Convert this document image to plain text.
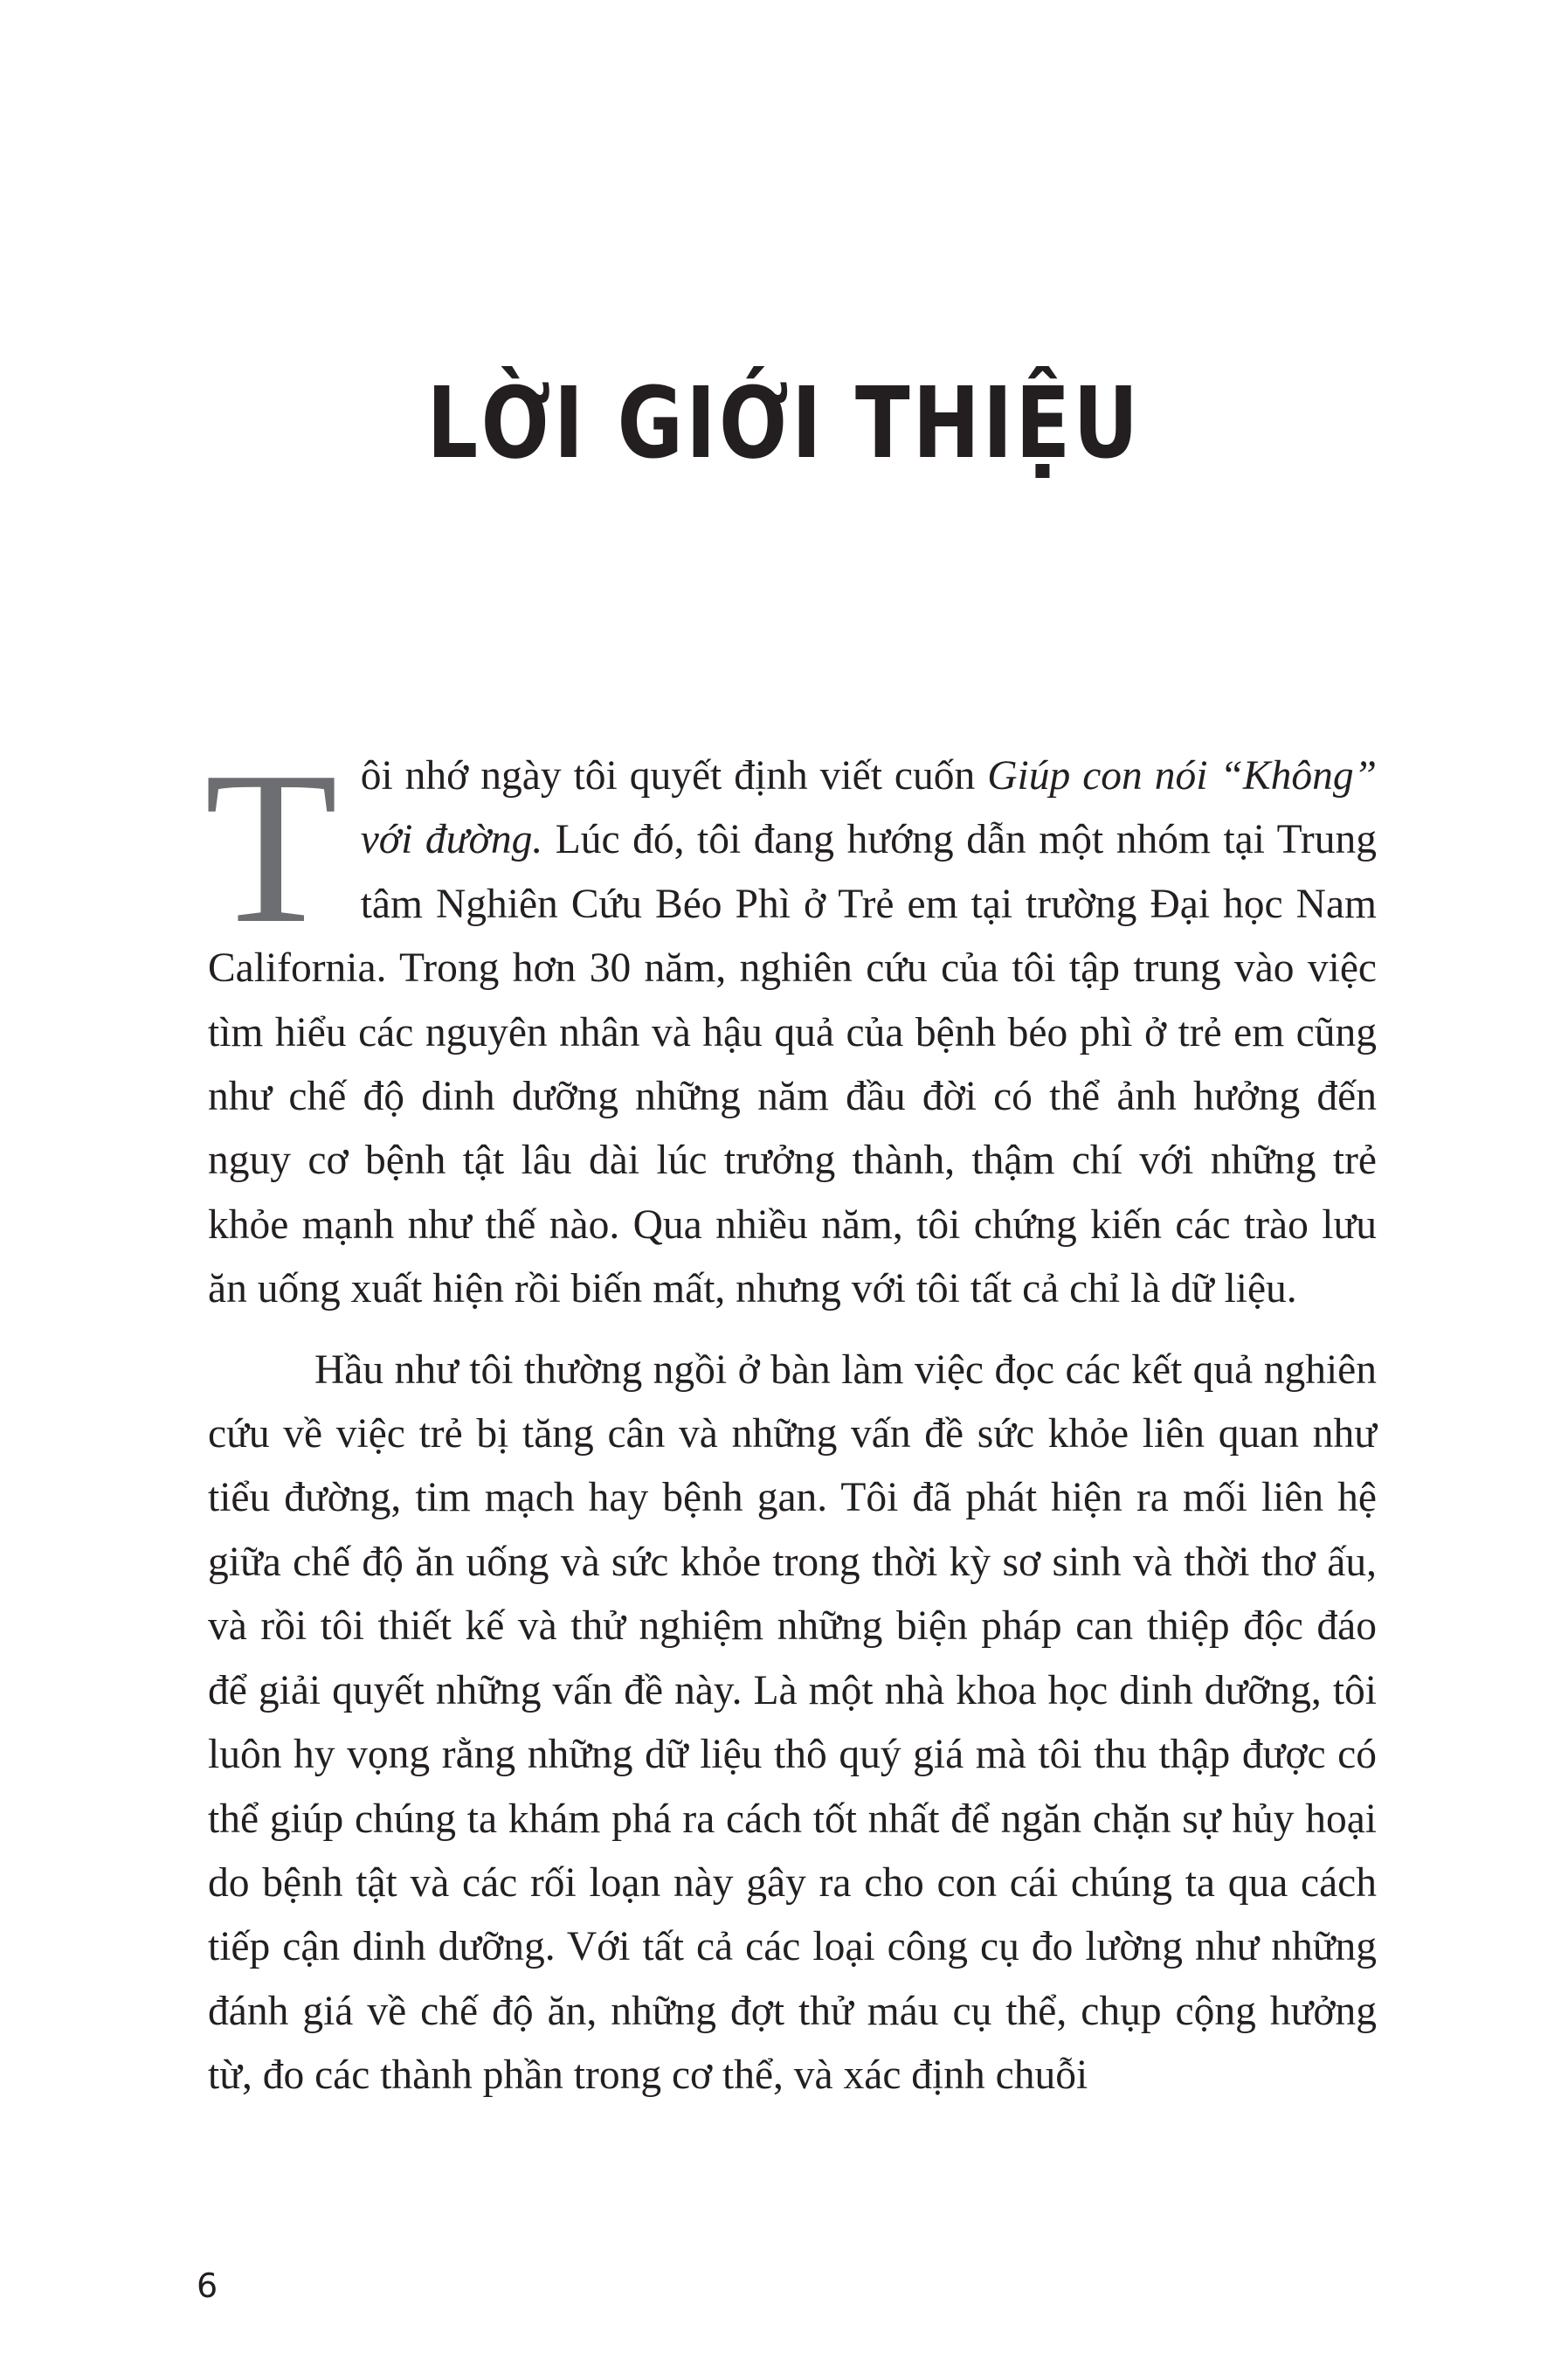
LỜI GIỚI THIỆU

Tôi nhớ ngày tôi quyết định viết cuốn Giúp con nói “Không” với đường. Lúc đó, tôi đang hướng dẫn một nhóm tại Trung tâm Nghiên Cứu Béo Phì ở Trẻ em tại trường Đại học Nam California. Trong hơn 30 năm, nghiên cứu của tôi tập trung vào việc tìm hiểu các nguyên nhân và hậu quả của bệnh béo phì ở trẻ em cũng như chế độ dinh dưỡng những năm đầu đời có thể ảnh hưởng đến nguy cơ bệnh tật lâu dài lúc trưởng thành, thậm chí với những trẻ khỏe mạnh như thế nào. Qua nhiều năm, tôi chứng kiến các trào lưu ăn uống xuất hiện rồi biến mất, nhưng với tôi tất cả chỉ là dữ liệu.

Hầu như tôi thường ngồi ở bàn làm việc đọc các kết quả nghiên cứu về việc trẻ bị tăng cân và những vấn đề sức khỏe liên quan như tiểu đường, tim mạch hay bệnh gan. Tôi đã phát hiện ra mối liên hệ giữa chế độ ăn uống và sức khỏe trong thời kỳ sơ sinh và thời thơ ấu, và rồi tôi thiết kế và thử nghiệm những biện pháp can thiệp độc đáo để giải quyết những vấn đề này. Là một nhà khoa học dinh dưỡng, tôi luôn hy vọng rằng những dữ liệu thô quý giá mà tôi thu thập được có thể giúp chúng ta khám phá ra cách tốt nhất để ngăn chặn sự hủy hoại do bệnh tật và các rối loạn này gây ra cho con cái chúng ta qua cách tiếp cận dinh dưỡng. Với tất cả các loại công cụ đo lường như những đánh giá về chế độ ăn, những đợt thử máu cụ thể, chụp cộng hưởng từ, đo các thành phần trong cơ thể, và xác định chuỗi

6
